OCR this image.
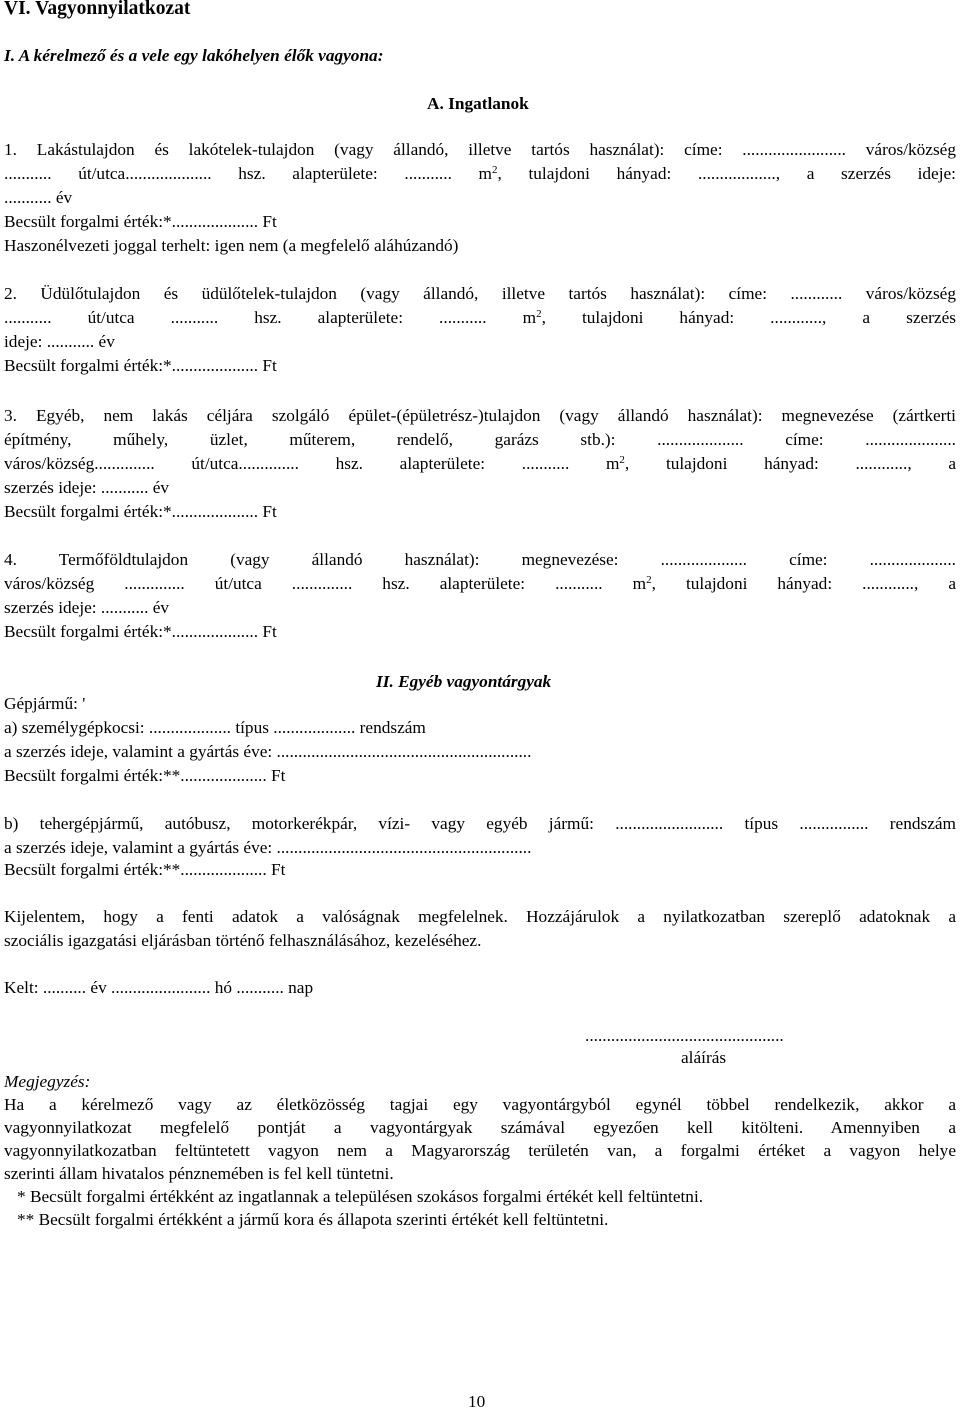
VI. Vagyonnyilatkozat
I. A kérelmező és a vele egy lakóhelyen élők vagyona:
A. Ingatlanok
1. Lakástulajdon és lakótelek-tulajdon (vagy állandó, illetve tartós használat): címe: ........................ város/község
........... út/utca.................... hsz. alapterülete: ........... $m^2$, tulajdoni hányad: .................., a szerzés ideje:
........... év
Becsült forgalmi érték:*.................... Ft
Haszonélvezeti joggal terhelt: igen nem (a megfelelő aláhúzandó)
2. Üdülőtulajdon és üdülőtelek-tulajdon (vagy állandó, illetve tartós használat): címe: ............ város/község
........... út/utca ........... hsz. alapterülete: ........... $m^2$, tulajdoni hányad: ............, a szerzés
ideje: ........... év
Becsült forgalmi érték:*.................... Ft
3. Egyéb, nem lakás céljára szolgáló épület-(épületrész-)tulajdon (vagy állandó használat): megnevezése (zártkerti
építmény, műhely, üzlet, műterem, rendelő, garázs stb.): .................... címe: .....................
város/község.............. út/utca.............. hsz. alapterülete: ........... $m^2$, tulajdoni hányad: ............, a
szerzés ideje: ........... év
Becsült forgalmi érték:*.................... Ft
4. Termőföldtulajdon (vagy állandó használat): megnevezése: .................... címe: ....................
város/község .............. út/utca .............. hsz. alapterülete: ........... $m^2$, tulajdoni hányad: ............, a
szerzés ideje: ........... év
Becsült forgalmi érték:*.................... Ft
II. Egyéb vagyontárgyak
Gépjármű: '
a) személygépkocsi: ................... típus ................... rendszám
a szerzés ideje, valamint a gyártás éve: ...........................................................
Becsült forgalmi érték:**.................... Ft
b) tehergépjármű, autóbusz, motorkerékpár, vízi- vagy egyéb jármű: ......................... típus ................ rendszám
a szerzés ideje, valamint a gyártás éve: ...........................................................
Becsült forgalmi érték:**.................... Ft
Kijelentem, hogy a fenti adatok a valóságnak megfelelnek. Hozzájárulok a nyilatkozatban szereplő adatoknak a
szociális igazgatási eljárásban történő felhasználásához, kezeléséhez.
Kelt: .......... év ....................... hó ........... nap
..............................................
aláírás
Megjegyzés:
Ha a kérelmező vagy az életközösség tagjai egy vagyontárgyból egynél többel rendelkezik, akkor a
vagyonnyilatkozat megfelelő pontját a vagyontárgyak számával egyezően kell kitölteni. Amennyiben a
vagyonnyilatkozatban feltüntetett vagyon nem a Magyarország területén van, a forgalmi értéket a vagyon helye
szerinti állam hivatalos pénznemében is fel kell tüntetni.
* Becsült forgalmi értékként az ingatlannak a településen szokásos forgalmi értékét kell feltüntetni.
** Becsült forgalmi értékként a jármű kora és állapota szerinti értékét kell feltüntetni.
10
